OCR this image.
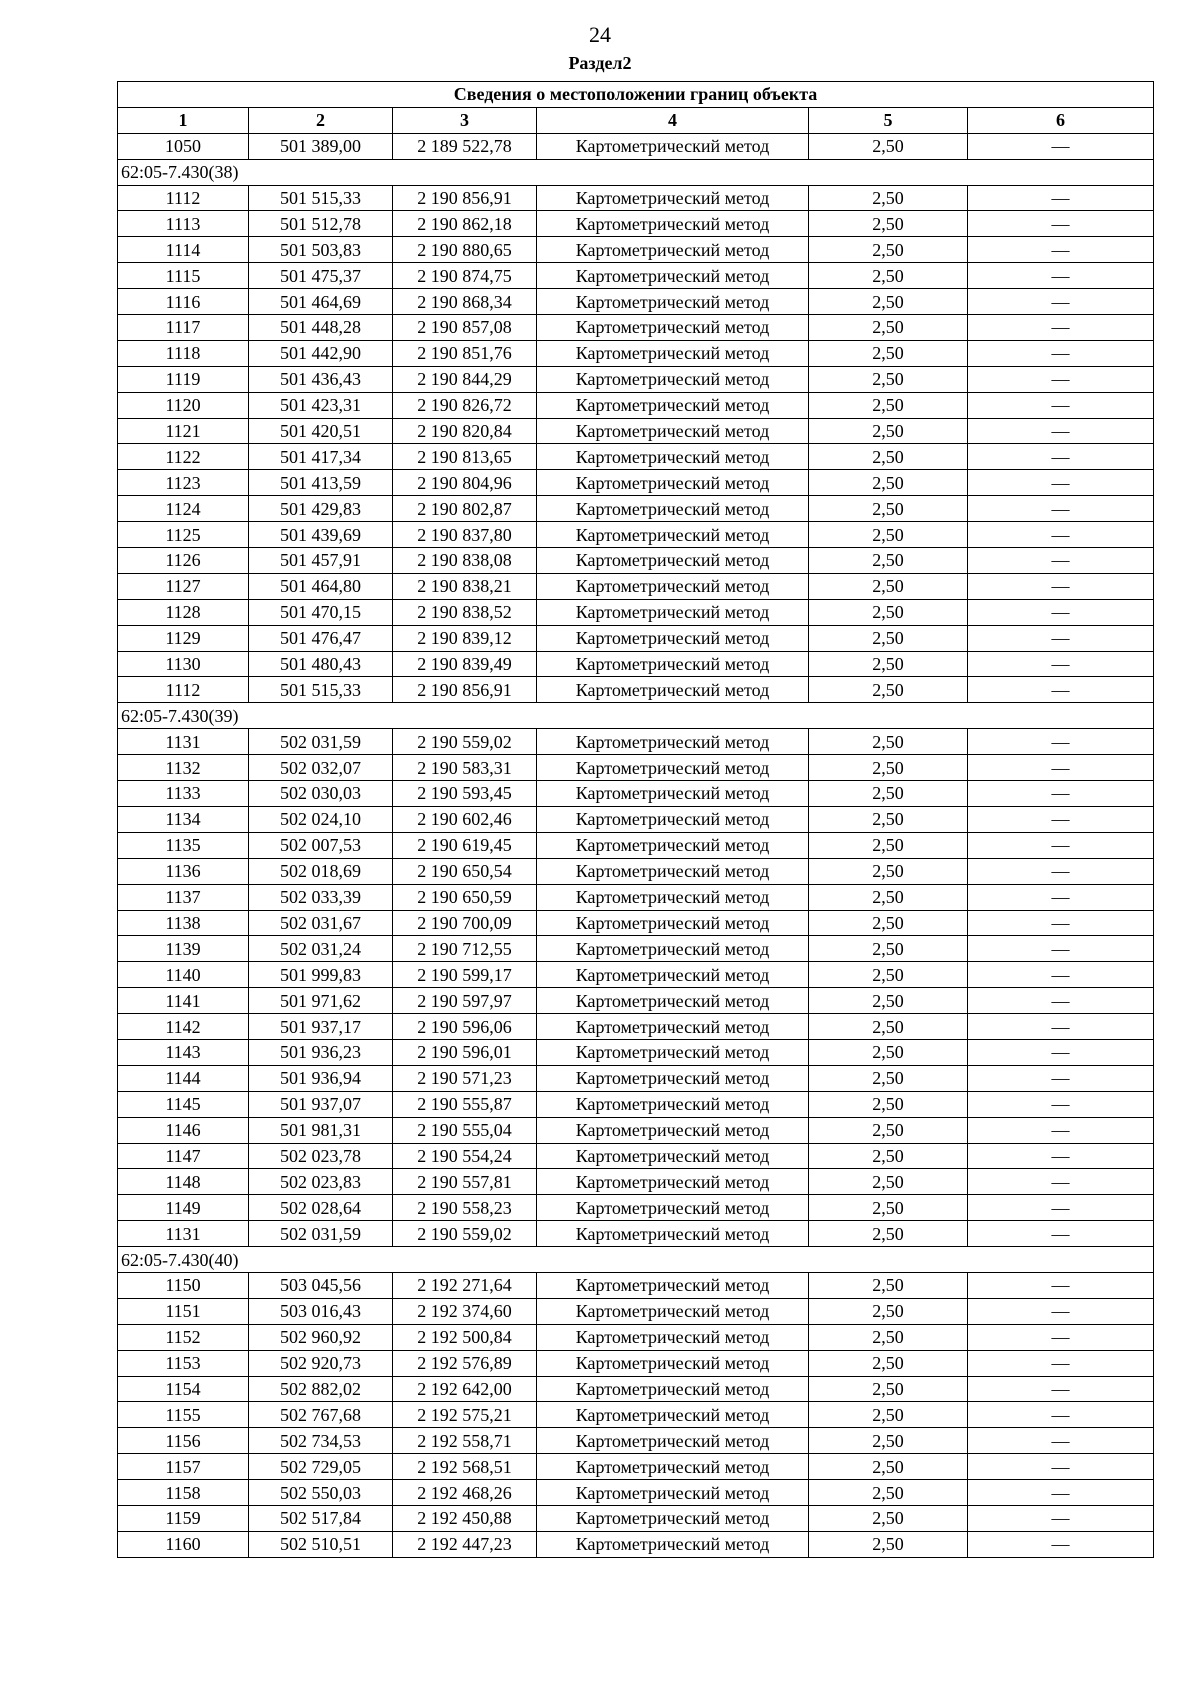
24
Раздел2
Сведения о местоположении границ объекта					
1	2	3	4	5	6
1050	501 389,00	2 189 522,78	Картометрический метод	2,50	—
62:05-7.430(38)					
1112	501 515,33	2 190 856,91	Картометрический метод	2,50	—
1113	501 512,78	2 190 862,18	Картометрический метод	2,50	—
1114	501 503,83	2 190 880,65	Картометрический метод	2,50	—
1115	501 475,37	2 190 874,75	Картометрический метод	2,50	—
1116	501 464,69	2 190 868,34	Картометрический метод	2,50	—
1117	501 448,28	2 190 857,08	Картометрический метод	2,50	—
1118	501 442,90	2 190 851,76	Картометрический метод	2,50	—
1119	501 436,43	2 190 844,29	Картометрический метод	2,50	—
1120	501 423,31	2 190 826,72	Картометрический метод	2,50	—
1121	501 420,51	2 190 820,84	Картометрический метод	2,50	—
1122	501 417,34	2 190 813,65	Картометрический метод	2,50	—
1123	501 413,59	2 190 804,96	Картометрический метод	2,50	—
1124	501 429,83	2 190 802,87	Картометрический метод	2,50	—
1125	501 439,69	2 190 837,80	Картометрический метод	2,50	—
1126	501 457,91	2 190 838,08	Картометрический метод	2,50	—
1127	501 464,80	2 190 838,21	Картометрический метод	2,50	—
1128	501 470,15	2 190 838,52	Картометрический метод	2,50	—
1129	501 476,47	2 190 839,12	Картометрический метод	2,50	—
1130	501 480,43	2 190 839,49	Картометрический метод	2,50	—
1112	501 515,33	2 190 856,91	Картометрический метод	2,50	—
62:05-7.430(39)					
1131	502 031,59	2 190 559,02	Картометрический метод	2,50	—
1132	502 032,07	2 190 583,31	Картометрический метод	2,50	—
1133	502 030,03	2 190 593,45	Картометрический метод	2,50	—
1134	502 024,10	2 190 602,46	Картометрический метод	2,50	—
1135	502 007,53	2 190 619,45	Картометрический метод	2,50	—
1136	502 018,69	2 190 650,54	Картометрический метод	2,50	—
1137	502 033,39	2 190 650,59	Картометрический метод	2,50	—
1138	502 031,67	2 190 700,09	Картометрический метод	2,50	—
1139	502 031,24	2 190 712,55	Картометрический метод	2,50	—
1140	501 999,83	2 190 599,17	Картометрический метод	2,50	—
1141	501 971,62	2 190 597,97	Картометрический метод	2,50	—
1142	501 937,17	2 190 596,06	Картометрический метод	2,50	—
1143	501 936,23	2 190 596,01	Картометрический метод	2,50	—
1144	501 936,94	2 190 571,23	Картометрический метод	2,50	—
1145	501 937,07	2 190 555,87	Картометрический метод	2,50	—
1146	501 981,31	2 190 555,04	Картометрический метод	2,50	—
1147	502 023,78	2 190 554,24	Картометрический метод	2,50	—
1148	502 023,83	2 190 557,81	Картометрический метод	2,50	—
1149	502 028,64	2 190 558,23	Картометрический метод	2,50	—
1131	502 031,59	2 190 559,02	Картометрический метод	2,50	—
62:05-7.430(40)					
1150	503 045,56	2 192 271,64	Картометрический метод	2,50	—
1151	503 016,43	2 192 374,60	Картометрический метод	2,50	—
1152	502 960,92	2 192 500,84	Картометрический метод	2,50	—
1153	502 920,73	2 192 576,89	Картометрический метод	2,50	—
1154	502 882,02	2 192 642,00	Картометрический метод	2,50	—
1155	502 767,68	2 192 575,21	Картометрический метод	2,50	—
1156	502 734,53	2 192 558,71	Картометрический метод	2,50	—
1157	502 729,05	2 192 568,51	Картометрический метод	2,50	—
1158	502 550,03	2 192 468,26	Картометрический метод	2,50	—
1159	502 517,84	2 192 450,88	Картометрический метод	2,50	—
1160	502 510,51	2 192 447,23	Картометрический метод	2,50	—
